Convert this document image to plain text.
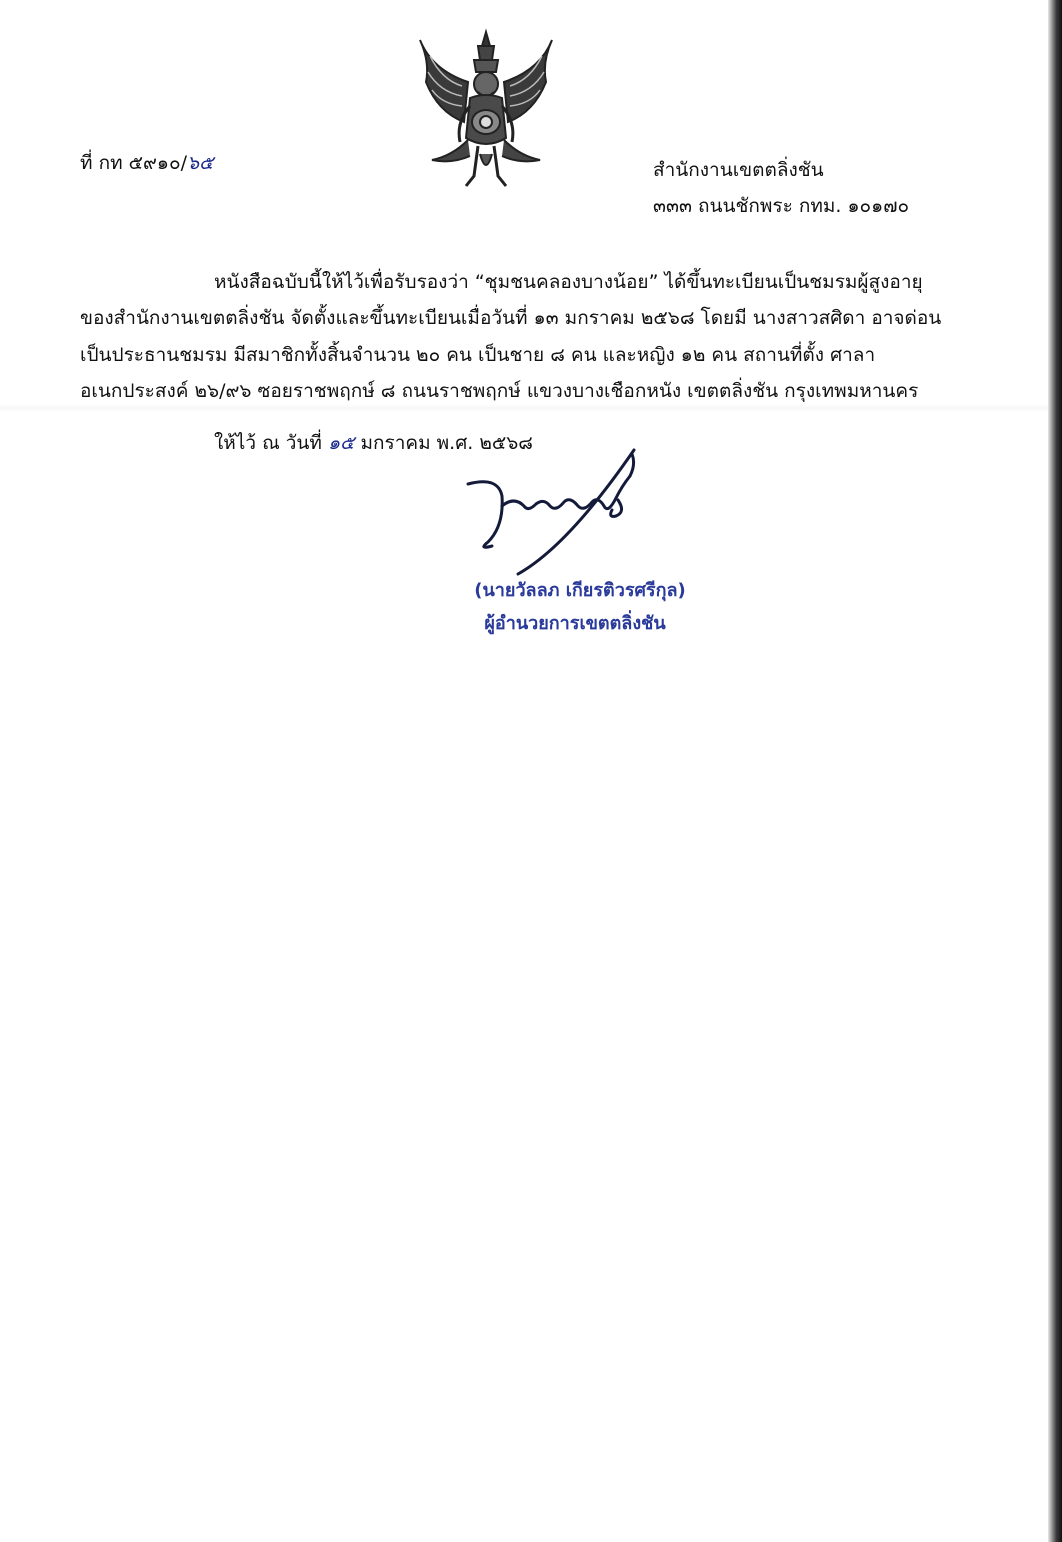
ที่ กท ๕๙๑๐/๖๕	สำนักงานเขตตลิ่งชัน
๓๓๓ ถนนชักพระ กทม. ๑๐๑๗๐
หนังสือฉบับนี้ให้ไว้เพื่อรับรองว่า “ชุมชนคลองบางน้อย” ได้ขึ้นทะเบียนเป็นชมรมผู้สูงอายุ
ของสำนักงานเขตตลิ่งชัน จัดตั้งและขึ้นทะเบียนเมื่อวันที่ ๑๓ มกราคม ๒๕๖๘ โดยมี นางสาวสศิดา อาจด่อน
เป็นประธานชมรม มีสมาชิกทั้งสิ้นจำนวน ๒๐ คน เป็นชาย ๘ คน และหญิง ๑๒ คน สถานที่ตั้ง ศาลา
อเนกประสงค์ ๒๖/๙๖ ซอยราชพฤกษ์ ๘ ถนนราชพฤกษ์ แขวงบางเชือกหนัง เขตตลิ่งชัน กรุงเทพมหานคร
ให้ไว้ ณ วันที่ ๑๕ มกราคม พ.ศ. ๒๕๖๘
(นายวัลลภ เกียรติวรศรีกุล)
ผู้อำนวยการเขตตลิ่งชัน
